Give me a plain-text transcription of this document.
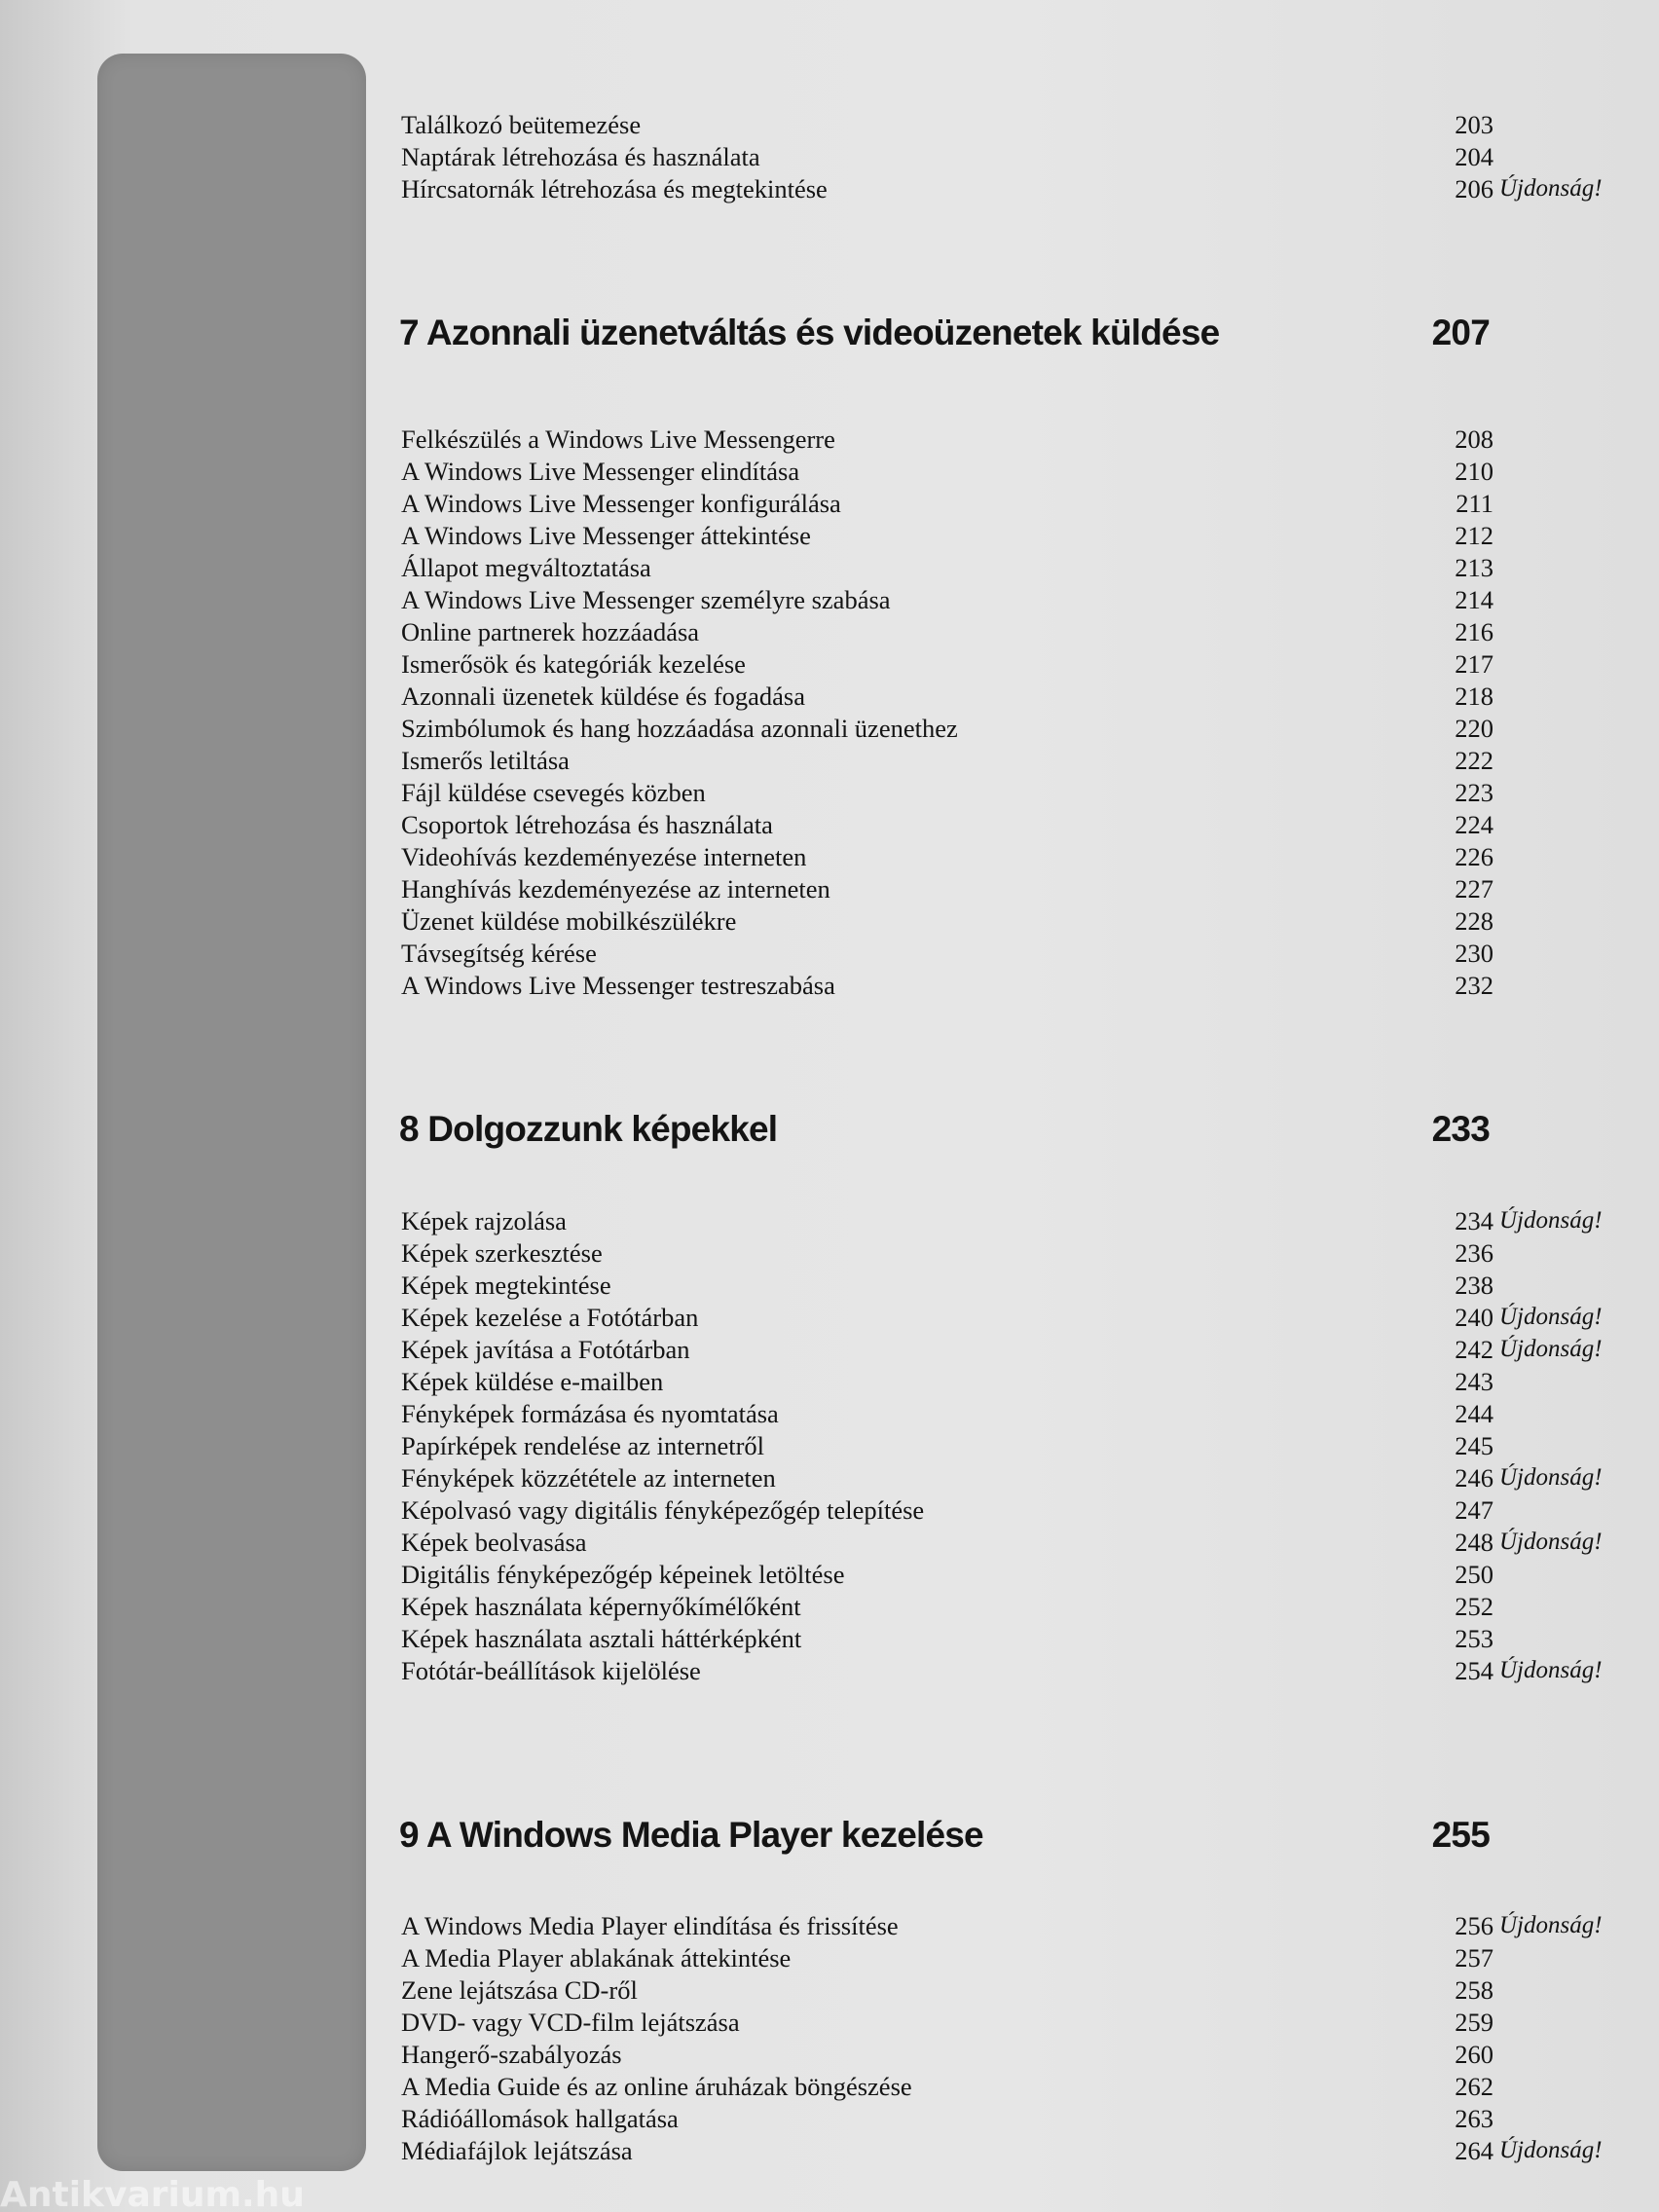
Antikvarium.hu
Találkozó beütemezése	203
Naptárak létrehozása és használata	204
Hírcsatornák létrehozása és megtekintése	206 Újdonság!
7 Azonnali üzenetváltás és videoüzenetek küldése	207
Felkészülés a Windows Live Messengerre	208
A Windows Live Messenger elindítása	210
A Windows Live Messenger konfigurálása	211
A Windows Live Messenger áttekintése	212
Állapot megváltoztatása	213
A Windows Live Messenger személyre szabása	214
Online partnerek hozzáadása	216
Ismerősök és kategóriák kezelése	217
Azonnali üzenetek küldése és fogadása	218
Szimbólumok és hang hozzáadása azonnali üzenethez	220
Ismerős letiltása	222
Fájl küldése csevegés közben	223
Csoportok létrehozása és használata	224
Videohívás kezdeményezése interneten	226
Hanghívás kezdeményezése az interneten	227
Üzenet küldése mobilkészülékre	228
Távsegítség kérése	230
A Windows Live Messenger testreszabása	232
8 Dolgozzunk képekkel	233
Képek rajzolása	234 Újdonság!
Képek szerkesztése	236
Képek megtekintése	238
Képek kezelése a Fotótárban	240 Újdonság!
Képek javítása a Fotótárban	242 Újdonság!
Képek küldése e-mailben	243
Fényképek formázása és nyomtatása	244
Papírképek rendelése az internetről	245
Fényképek közzététele az interneten	246 Újdonság!
Képolvasó vagy digitális fényképezőgép telepítése	247
Képek beolvasása	248 Újdonság!
Digitális fényképezőgép képeinek letöltése	250
Képek használata képernyőkímélőként	252
Képek használata asztali háttérképként	253
Fotótár-beállítások kijelölése	254 Újdonság!
9 A Windows Media Player kezelése	255
A Windows Media Player elindítása és frissítése	256 Újdonság!
A Media Player ablakának áttekintése	257
Zene lejátszása CD-ről	258
DVD- vagy VCD-film lejátszása	259
Hangerő-szabályozás	260
A Media Guide és az online áruházak böngészése	262
Rádióállomások hallgatása	263
Médiafájlok lejátszása	264 Újdonság!
